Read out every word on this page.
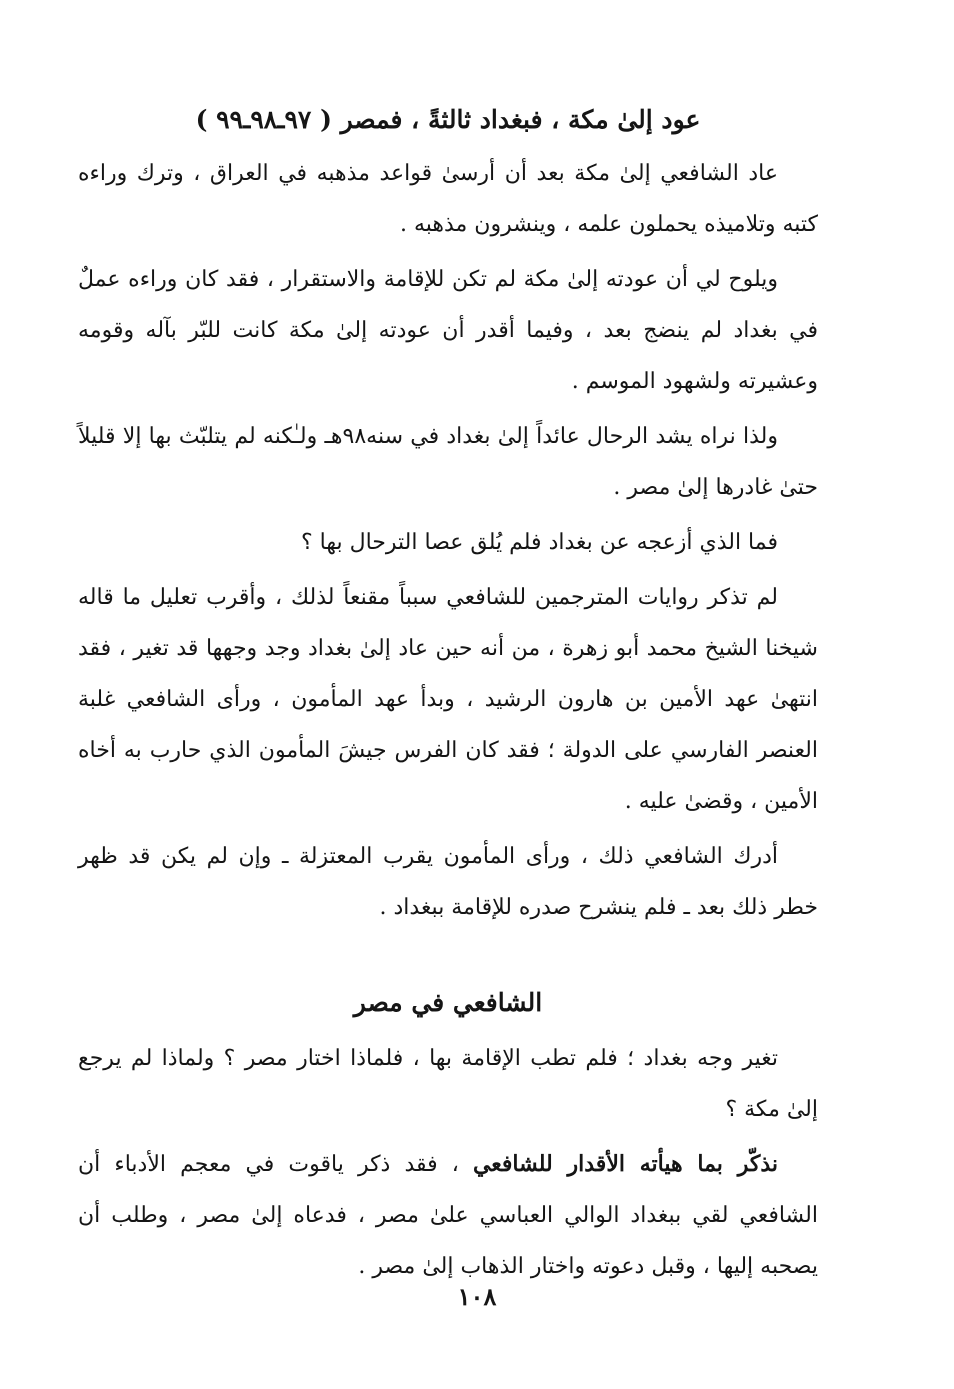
عود إلىٰ مكة ، فبغداد ثالثةً ، فمصر ( ٩٧ـ٩٨ـ٩٩ )

عاد الشافعي إلىٰ مكة بعد أن أرسىٰ قواعد مذهبه في العراق ، وترك وراءه كتبه وتلاميذه يحملون علمه ، وينشرون مذهبه .

ويلوح لي أن عودته إلىٰ مكة لم تكن للإقامة والاستقرار ، فقد كان وراءه عملٌ في بغداد لم ينضج بعد ، وفيما أقدر أن عودته إلىٰ مكة كانت للبّر بآله وقومه وعشيرته ولشهود الموسم .

ولذا نراه يشد الرحال عائداً إلىٰ بغداد في سنه٩٨هـ ولـٰكنه لم يتلبّث بها إلا قليلاً حتىٰ غادرها إلىٰ مصر .

فما الذي أزعجه عن بغداد فلم يُلق عصا الترحال بها ؟

لم تذكر روايات المترجمين للشافعي سبباً مقنعاً لذلك ، وأقرب تعليل ما قاله شيخنا الشيخ محمد أبو زهرة ، من أنه حين عاد إلىٰ بغداد وجد وجهها قد تغير ، فقد انتهىٰ عهد الأمين بن هارون الرشيد ، وبدأ عهد المأمون ، ورأى الشافعي غلبة العنصر الفارسي على الدولة ؛ فقد كان الفرس جيشَ المأمون الذي حارب به أخاه الأمين ، وقضىٰ عليه .

أدرك الشافعي ذلك ، ورأى المأمون يقرب المعتزلة ـ وإن لم يكن قد ظهر خطر ذلك بعد ـ فلم ينشرح صدره للإقامة ببغداد .

الشافعي في مصر

تغير وجه بغداد ؛ فلم تطب الإقامة بها ، فلماذا اختار مصر ؟ ولماذا لم يرجع إلىٰ مكة ؟

نذكّر بما هيأته الأقدار للشافعي ، فقد ذكر ياقوت في معجم الأدباء أن الشافعي لقي ببغداد الوالي العباسي علىٰ مصر ، فدعاه إلىٰ مصر ، وطلب أن يصحبه إليها ، وقبل دعوته واختار الذهاب إلىٰ مصر .

١٠٨
